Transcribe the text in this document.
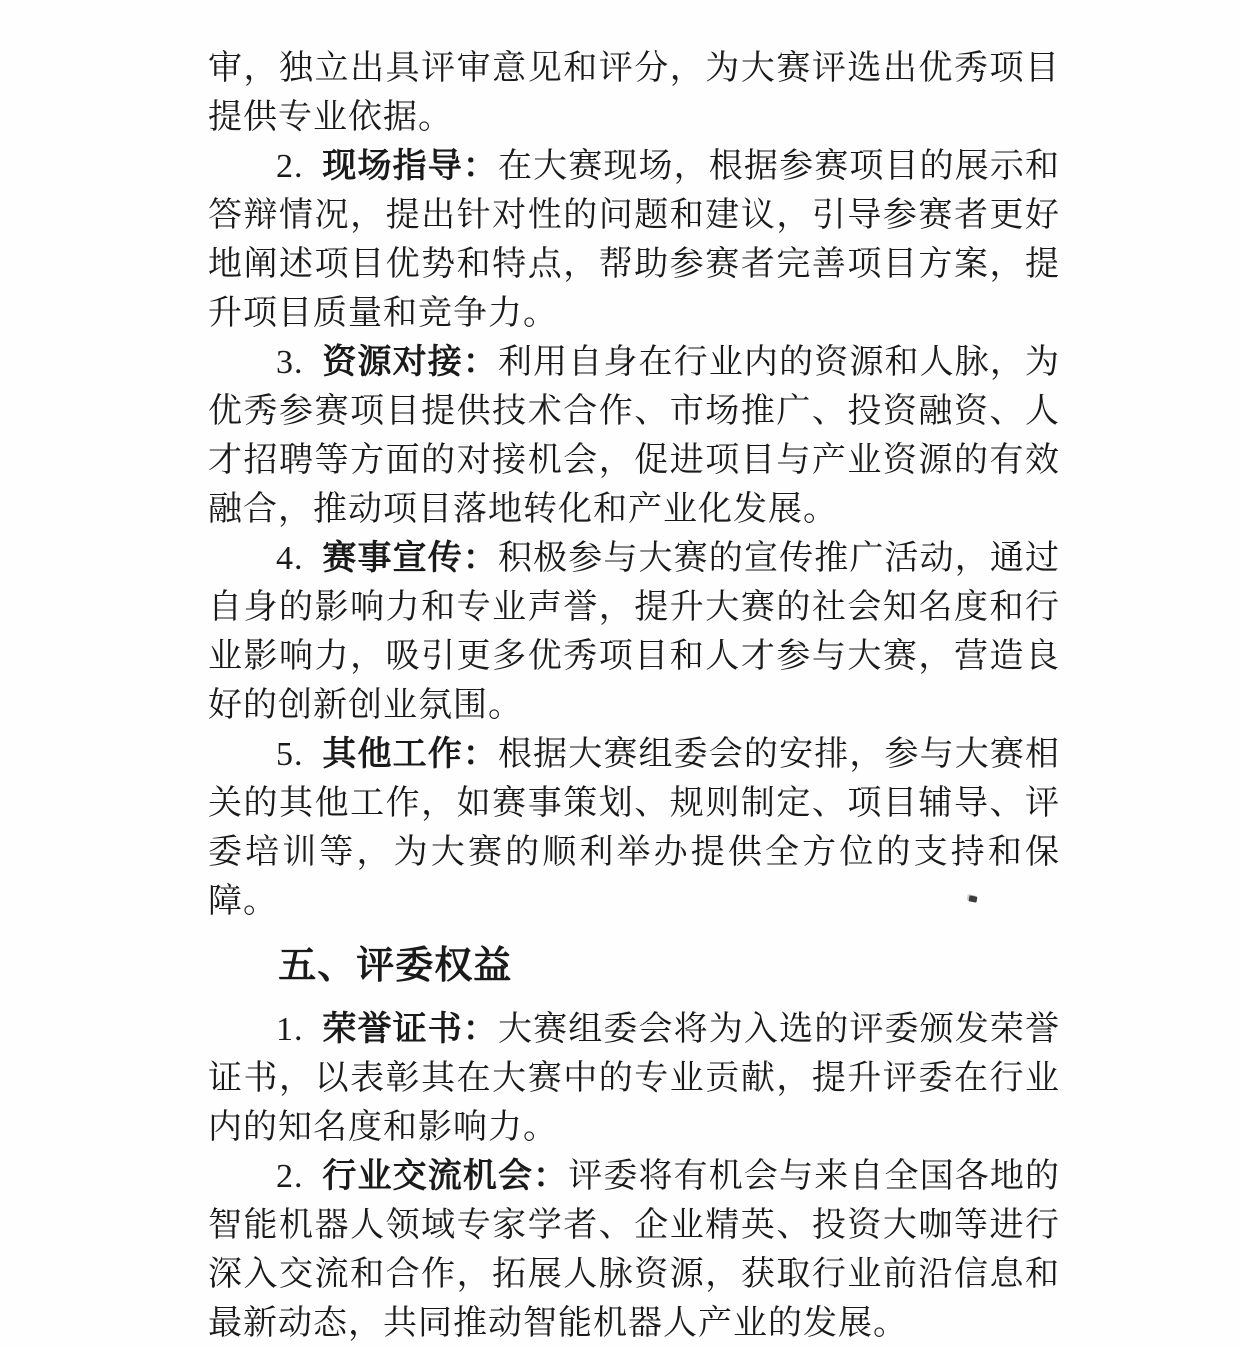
审，独立出具评审意见和评分，为大赛评选出优秀项目提供专业依据。

2. 现场指导：在大赛现场，根据参赛项目的展示和答辩情况，提出针对性的问题和建议，引导参赛者更好地阐述项目优势和特点，帮助参赛者完善项目方案，提升项目质量和竞争力。

3. 资源对接：利用自身在行业内的资源和人脉，为优秀参赛项目提供技术合作、市场推广、投资融资、人才招聘等方面的对接机会，促进项目与产业资源的有效融合，推动项目落地转化和产业化发展。

4. 赛事宣传：积极参与大赛的宣传推广活动，通过自身的影响力和专业声誉，提升大赛的社会知名度和行业影响力，吸引更多优秀项目和人才参与大赛，营造良好的创新创业氛围。

5. 其他工作：根据大赛组委会的安排，参与大赛相关的其他工作，如赛事策划、规则制定、项目辅导、评委培训等，为大赛的顺利举办提供全方位的支持和保障。

五、评委权益

1. 荣誉证书：大赛组委会将为入选的评委颁发荣誉证书，以表彰其在大赛中的专业贡献，提升评委在行业内的知名度和影响力。

2. 行业交流机会：评委将有机会与来自全国各地的智能机器人领域专家学者、企业精英、投资大咖等进行深入交流和合作，拓展人脉资源，获取行业前沿信息和最新动态，共同推动智能机器人产业的发展。
